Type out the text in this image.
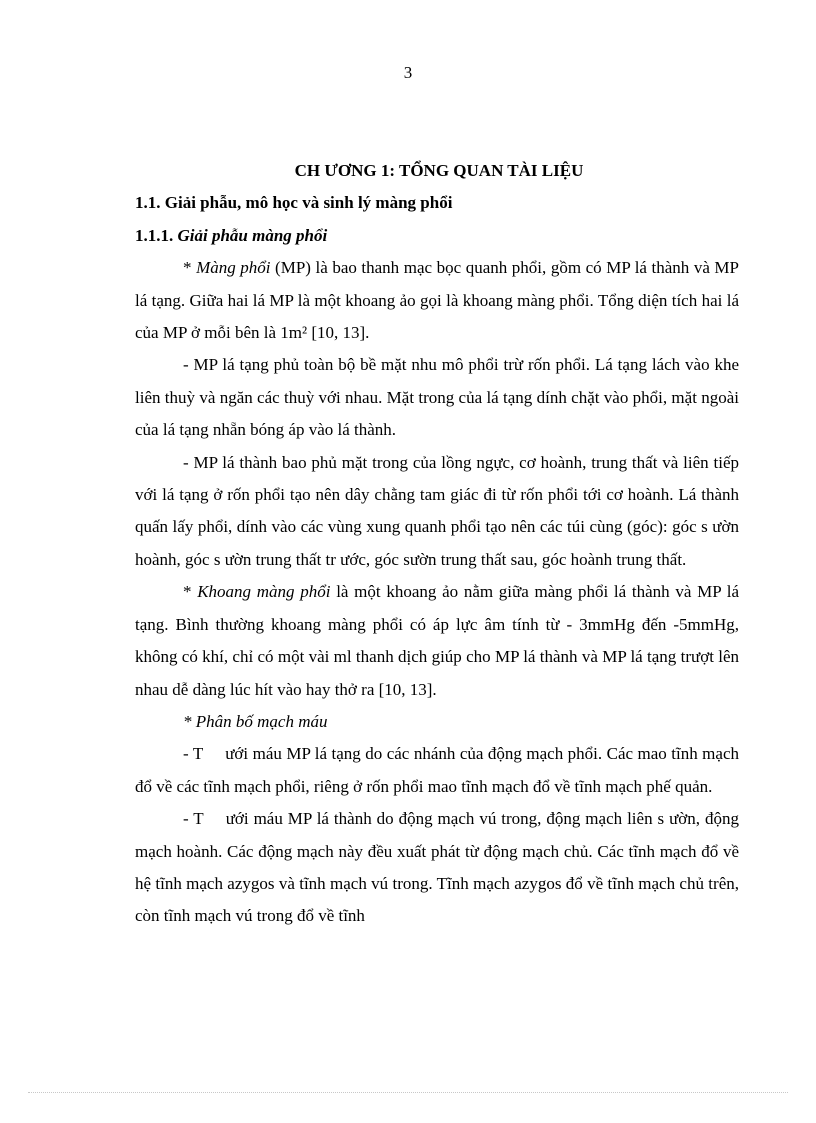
3

CH ƯƠNG 1: TỔNG QUAN TÀI LIỆU

1.1. Giải phẫu, mô học và sinh lý màng phổi

1.1.1. Giải phẫu màng phổi

* Màng phổi (MP) là bao thanh mạc bọc quanh phổi, gồm có MP lá thành và MP lá tạng. Giữa hai lá MP là một khoang ảo gọi là khoang màng phổi. Tổng diện tích hai lá của MP ở mỗi bên là 1m² [10, 13].

- MP lá tạng phủ toàn bộ bề mặt nhu mô phổi trừ rốn phổi. Lá tạng lách vào khe liên thuỳ và ngăn các thuỳ với nhau. Mặt trong của lá tạng dính chặt vào phổi, mặt ngoài của lá tạng nhẵn bóng áp vào lá thành.

- MP lá thành bao phủ mặt trong của lồng ngực, cơ hoành, trung thất và liên tiếp với lá tạng ở rốn phổi tạo nên dây chằng tam giác đi từ rốn phổi tới cơ hoành. Lá thành quấn lấy phổi, dính vào các vùng xung quanh phổi tạo nên các túi cùng (góc): góc s ườn hoành, góc s ườn trung thất tr ước, góc sườn trung thất sau, góc hoành trung thất.

* Khoang màng phổi là một khoang ảo nằm giữa màng phổi lá thành và MP lá tạng. Bình thường khoang màng phổi có áp lực âm tính từ - 3mmHg đến -5mmHg, không có khí, chỉ có một vài ml thanh dịch giúp cho MP lá thành và MP lá tạng trượt lên nhau dễ dàng lúc hít vào hay thở ra [10, 13].

* Phân bố mạch máu

- T ưới máu MP lá tạng do các nhánh của động mạch phổi. Các mao tĩnh mạch đổ về các tĩnh mạch phổi, riêng ở rốn phổi mao tĩnh mạch đổ về tĩnh mạch phế quản.

- T ưới máu MP lá thành do động mạch vú trong, động mạch liên s ườn, động mạch hoành. Các động mạch này đều xuất phát từ động mạch chủ. Các tĩnh mạch đổ về hệ tĩnh mạch azygos và tĩnh mạch vú trong. Tĩnh mạch azygos đổ về tĩnh mạch chủ trên, còn tĩnh mạch vú trong đổ về tĩnh
